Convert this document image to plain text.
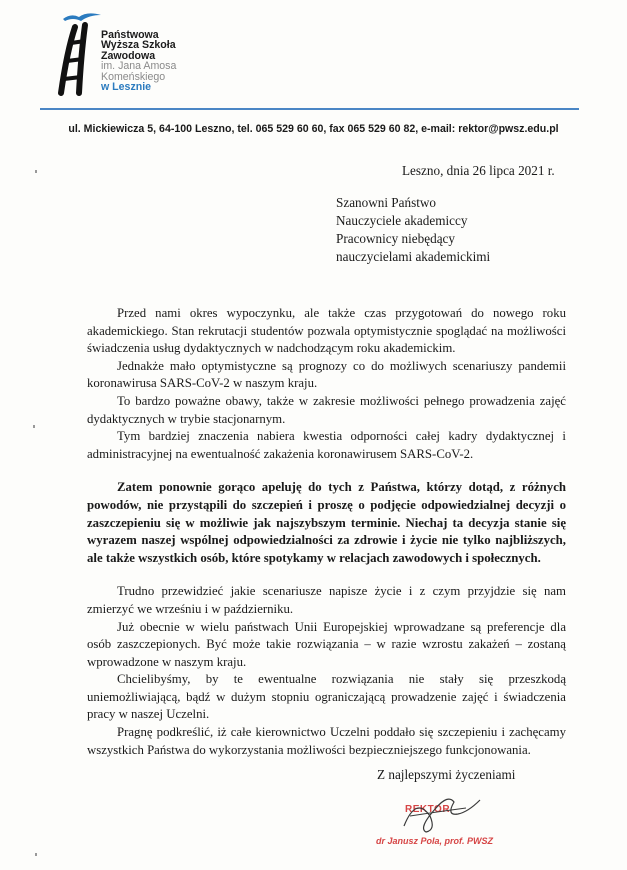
Państwowa
Wyższa Szkoła
Zawodowa
im. Jana Amosa
Komeńskiego
w Lesznie
ul. Mickiewicza 5, 64-100 Leszno, tel. 065 529 60 60, fax 065 529 60 82, e-mail: rektor@pwsz.edu.pl
Leszno, dnia 26 lipca 2021 r.
Szanowni Państwo
Nauczyciele akademiccy
Pracownicy niebędący
nauczycielami akademickimi

Przed nami okres wypoczynku, ale także czas przygotowań do nowego roku akademickiego. Stan rekrutacji studentów pozwala optymistycznie spoglądać na możliwości świadczenia usług dydaktycznych w nadchodzącym roku akademickim.

Jednakże mało optymistyczne są prognozy co do możliwych scenariuszy pandemii koronawirusa SARS-CoV-2 w naszym kraju.

To bardzo poważne obawy, także w zakresie możliwości pełnego prowadzenia zajęć dydaktycznych w trybie stacjonarnym.

Tym bardziej znaczenia nabiera kwestia odporności całej kadry dydaktycznej i administracyjnej na ewentualność zakażenia koronawirusem SARS-CoV-2.

Zatem ponownie gorąco apeluję do tych z Państwa, którzy dotąd, z różnych powodów, nie przystąpili do szczepień i proszę o podjęcie odpowiedzialnej decyzji o zaszczepieniu się w możliwie jak najszybszym terminie. Niechaj ta decyzja stanie się wyrazem naszej wspólnej odpowiedzialności za zdrowie i życie nie tylko najbliższych, ale także wszystkich osób, które spotykamy w relacjach zawodowych i społecznych.

Trudno przewidzieć jakie scenariusze napisze życie i z czym przyjdzie się nam zmierzyć we wrześniu i w październiku.

Już obecnie w wielu państwach Unii Europejskiej wprowadzane są preferencje dla osób zaszczepionych. Być może takie rozwiązania – w razie wzrostu zakażeń – zostaną wprowadzone w naszym kraju.

Chcielibyśmy, by te ewentualne rozwiązania nie stały się przeszkodą uniemożliwiającą, bądź w dużym stopniu ograniczającą prowadzenie zajęć i świadczenia pracy w naszej Uczelni.

Pragnę podkreślić, iż całe kierownictwo Uczelni poddało się szczepieniu i zachęcamy wszystkich Państwa do wykorzystania możliwości bezpieczniejszego funkcjonowania.

Z najlepszymi życzeniami
REKTOR
dr Janusz Pola, prof. PWSZ
